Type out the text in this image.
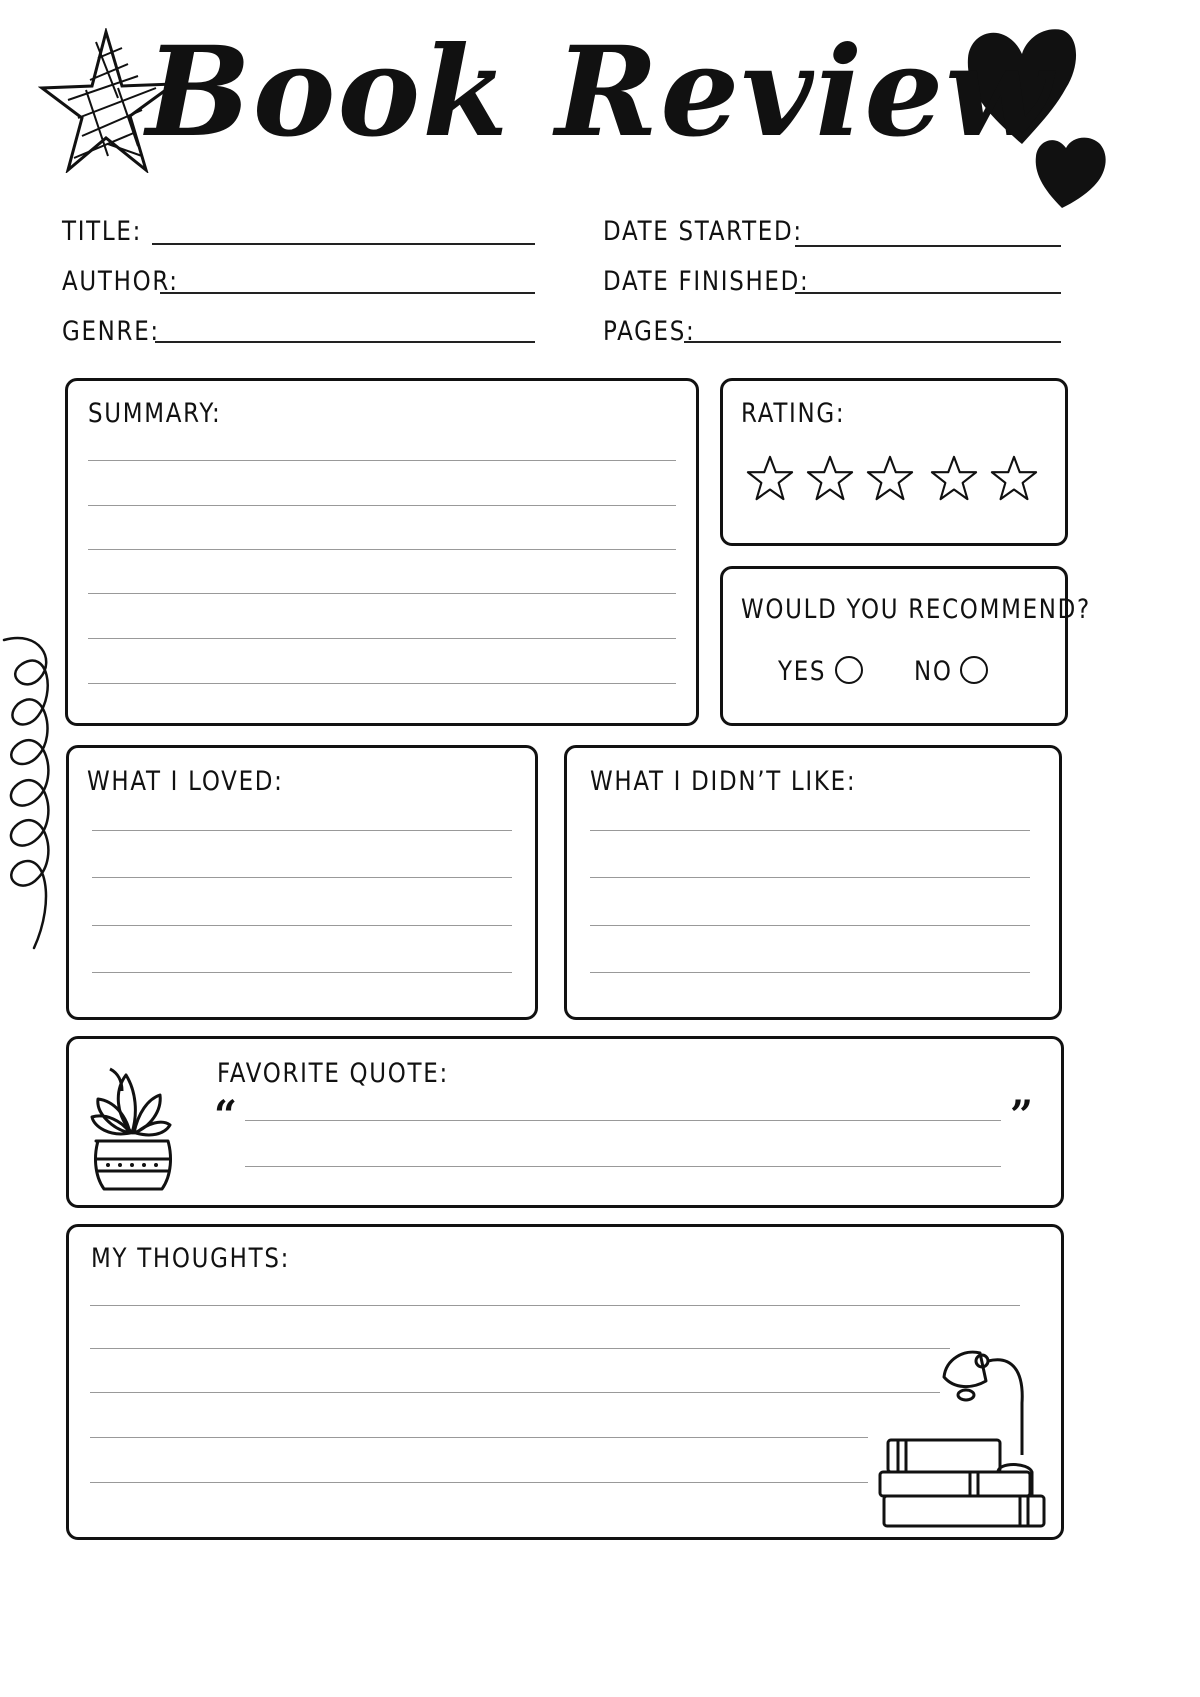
Book Review
TITLE:
AUTHOR:
GENRE:
DATE STARTED:
DATE FINISHED:
PAGES:
SUMMARY:	RATING:
WOULD YOU RECOMMEND?
YES	NO
WHAT I LOVED:	WHAT I DIDN’T LIKE:
FAVORITE QUOTE:
“	”
MY THOUGHTS:
